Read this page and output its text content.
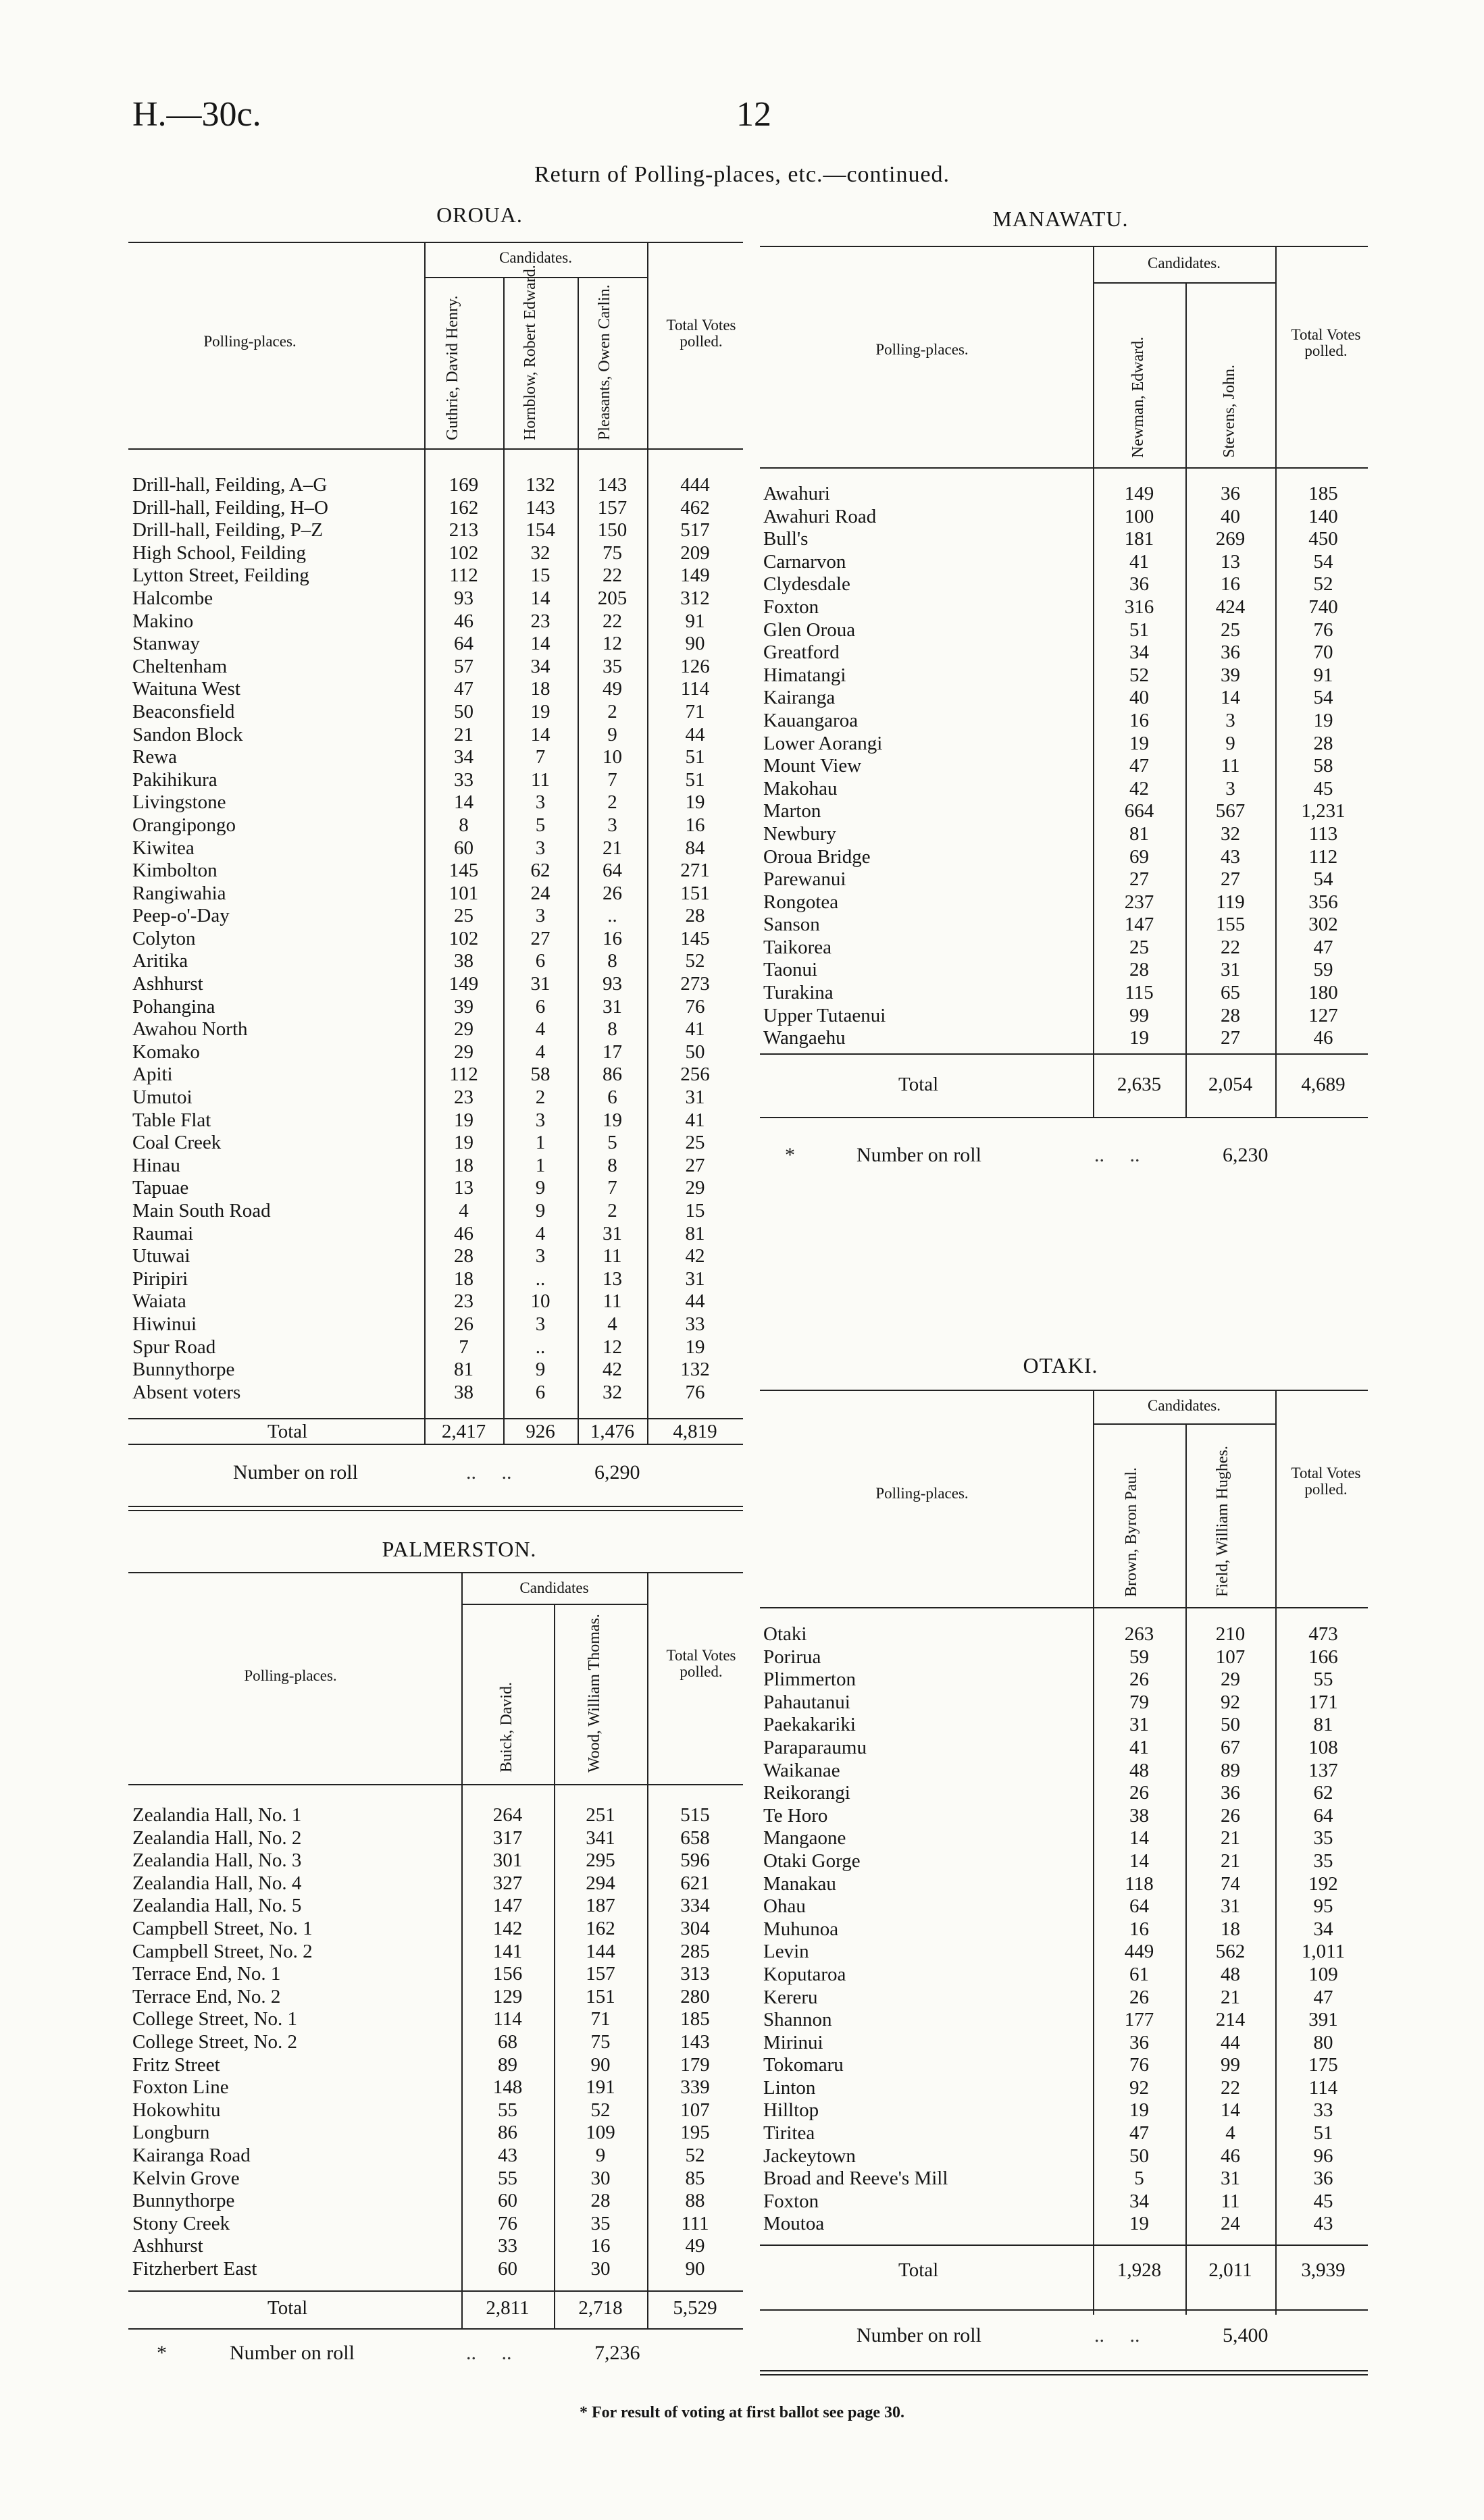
H.—30c.	12
Return of Polling-places, etc.—continued.
OROUA.
Polling-places.
Candidates.
Guthrie, David Henry.	Hornblow, Robert Edward.	Pleasants, Owen Carlin.	Total Votes polled.
Drill-hall, Feilding, A–G	169	132	143	444
Drill-hall, Feilding, H–O	162	143	157	462
Drill-hall, Feilding, P–Z	213	154	150	517
High School, Feilding	102	32	75	209
Lytton Street, Feilding	112	15	22	149
Halcombe	93	14	205	312
Makino	46	23	22	91
Stanway	64	14	12	90
Cheltenham	57	34	35	126
Waituna West	47	18	49	114
Beaconsfield	50	19	2	71
Sandon Block	21	14	9	44
Rewa	34	7	10	51
Pakihikura	33	11	7	51
Livingstone	14	3	2	19
Orangipongo	8	5	3	16
Kiwitea	60	3	21	84
Kimbolton	145	62	64	271
Rangiwahia	101	24	26	151
Peep-o'-Day	25	3	..	28
Colyton	102	27	16	145
Aritika	38	6	8	52
Ashhurst	149	31	93	273
Pohangina	39	6	31	76
Awahou North	29	4	8	41
Komako	29	4	17	50
Apiti	112	58	86	256
Umutoi	23	2	6	31
Table Flat	19	3	19	41
Coal Creek	19	1	5	25
Hinau	18	1	8	27
Tapuae	13	9	7	29
Main South Road	4	9	2	15
Raumai	46	4	31	81
Utuwai	28	3	11	42
Piripiri	18	..	13	31
Waiata	23	10	11	44
Hiwinui	26	3	4	33
Spur Road	7	..	12	19
Bunnythorpe	81	9	42	132
Absent voters	38	6	32	76
Total	2,417	926	1,476	4,819
Number on roll	..     ..	6,290
PALMERSTON.
Polling-places.
Candidates
Buick, David.	Wood, William Thomas.	Total Votes polled.
Zealandia Hall, No. 1	264	251	515
Zealandia Hall, No. 2	317	341	658
Zealandia Hall, No. 3	301	295	596
Zealandia Hall, No. 4	327	294	621
Zealandia Hall, No. 5	147	187	334
Campbell Street, No. 1	142	162	304
Campbell Street, No. 2	141	144	285
Terrace End, No. 1	156	157	313
Terrace End, No. 2	129	151	280
College Street, No. 1	114	71	185
College Street, No. 2	68	75	143
Fritz Street	89	90	179
Foxton Line	148	191	339
Hokowhitu	55	52	107
Longburn	86	109	195
Kairanga Road	43	9	52
Kelvin Grove	55	30	85
Bunnythorpe	60	28	88
Stony Creek	76	35	111
Ashhurst	33	16	49
Fitzherbert East	60	30	90
Total	2,811	2,718	5,529
*	Number on roll	..     ..	7,236
MANAWATU.
Polling-places.
Candidates.
Newman, Edward.	Stevens, John.
Total Votes polled.
Awahuri	149	36	185
Awahuri Road	100	40	140
Bull's	181	269	450
Carnarvon	41	13	54
Clydesdale	36	16	52
Foxton	316	424	740
Glen Oroua	51	25	76
Greatford	34	36	70
Himatangi	52	39	91
Kairanga	40	14	54
Kauangaroa	16	3	19
Lower Aorangi	19	9	28
Mount View	47	11	58
Makohau	42	3	45
Marton	664	567	1,231
Newbury	81	32	113
Oroua Bridge	69	43	112
Parewanui	27	27	54
Rongotea	237	119	356
Sanson	147	155	302
Taikorea	25	22	47
Taonui	28	31	59
Turakina	115	65	180
Upper Tutaenui	99	28	127
Wangaehu	19	27	46
Total	2,635	2,054	4,689
*	Number on roll	..     ..	6,230
OTAKI.
Polling-places.
Candidates.
Brown, Byron Paul.	Field, William Hughes.	Total Votes polled.
Otaki	263	210	473
Porirua	59	107	166
Plimmerton	26	29	55
Pahautanui	79	92	171
Paekakariki	31	50	81
Paraparaumu	41	67	108
Waikanae	48	89	137
Reikorangi	26	36	62
Te Horo	38	26	64
Mangaone	14	21	35
Otaki Gorge	14	21	35
Manakau	118	74	192
Ohau	64	31	95
Muhunoa	16	18	34
Levin	449	562	1,011
Koputaroa	61	48	109
Kereru	26	21	47
Shannon	177	214	391
Mirinui	36	44	80
Tokomaru	76	99	175
Linton	92	22	114
Hilltop	19	14	33
Tiritea	47	4	51
Jackeytown	50	46	96
Broad and Reeve's Mill	5	31	36
Foxton	34	11	45
Moutoa	19	24	43
Total	1,928	2,011	3,939
Number on roll	..     ..	5,400
* For result of voting at first ballot see page 30.
